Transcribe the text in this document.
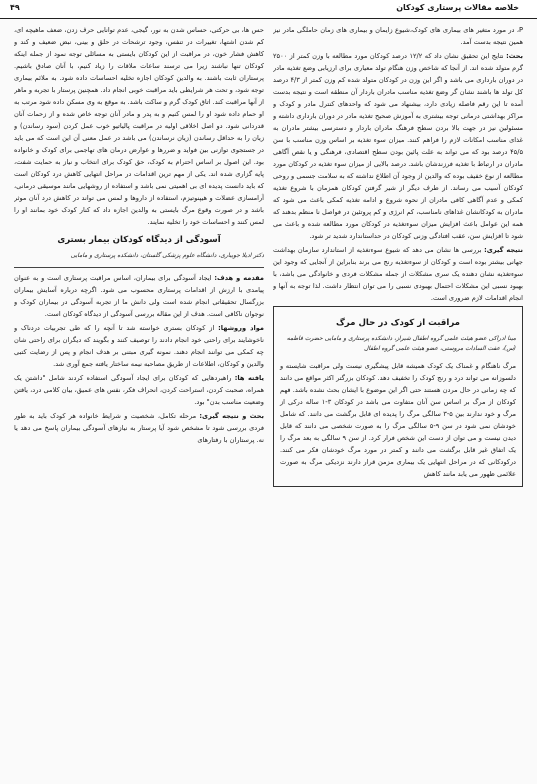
خلاصه مقالات پرستاری کودکان
۴۹

P، در مورد متغیر های بیماری های کودک،شیوع زایمان و بیماری های زمان حاملگی مادر نیز همین نتیجه بدست آمد.

بحث: نتایج این تحقیق نشان داد که ۱۲/۲ درصد کودکان مورد مطالعه با وزن کمتر از ۲۵۰۰ گرم متولد شده اند. از آنجا که شاخص وزن هنگام تولد معیاری برای ارزیابی وضع تغذیه مادر در دوران بارداری می باشد و اگر این وزن در کودکان متولد شده کم وزن کمتر از ۴/۳ درصد کل تولد ها باشند نشان گر وضع تغذیه مناسب مادران باردار آن منطقه است و نتیجه بدست آمده تا این رقم فاصله زیادی دارد، بیشنهاد می شود که واحدهای کنترل مادر و کودک و مراکز بهداشتی درمانی توجه بیشتری به آموزش صحیح تغذیه مادر در دوران بارداری داشته و مسئولین نیز در جهت بالا بردن سطح فرهنگ مادران باردار و دسترسی بیشتر مادران به غذای مناسب امکانات لازم را فراهم کنند. میزان سوء تغذیه بر اساس وزن مناسب با سن ۴۵/۵ درصد بود که می تواند به علت پائین بودن سطح اقتصادی، فرهنگی و یا نقص آگاهی مادران در ارتباط با تغذیه فرزندشان باشد. درصد بالایی از میزان سوء تغذیه در کودکان مورد مطالعه از نوع خفیف بوده که والدین از وجود آن اطلاع نداشته که به سلامت جسمی و روحی کودکان آسیب می رساند. از طرف دیگر از شیر گرفتن کودکان همزمان با شروع تغذیه کمکی و عدم آگاهی کافی مادران از نحوه شروع و ادامه تغذیه کمکی باعث می شود که مادران به کودکانشان غذاهای نامناسب، کم انرژی و کم پروتئین در فواصل نا منظم بدهند که همه این عوامل باعث افزایش میزان سوءتغذیه در کودکان مورد مطالعه شده و باعث می شود تا افزایش سن، عقب افتادگی وزنی کودکان در حداستاندارد شدید تر شود.

نتیجه گیری: بررسی ها نشان می دهد که شیوع سوءتغذیه از استاندارد سازمان بهداشت جهانی بیشتر بوده است و کودکان از سوءتغذیه رنج می برند بنابراین از آنجایی که وجود این سوءتغذیه نشان دهنده یک سری مشکلات از جمله مشکلات فردی و خانوادگی می باشد، با بهبود نسبی این مشکلات احتمال بهبودی نسبی را می توان انتظار داشت. لذا توجه به آنها و انجام اقدامات لازم ضروری است.

مراقبت از کودک در حال مرگ
مینا ادراکی عضو هیئت علمی گروه اطفال شیراز، دانشکده پرستاری و مامایی حضرت فاطمه (س)، عفت السادات مروستی، عضو هیئت علمی گروه اطفال

مرگ ناهنگام و غمناک یک کودک همیشه قابل پیشگیری نیست ولی مراقبت شایسته و دلسوزانه می تواند درد و رنج کودک را تخفیف دهد. کودکان بزرگتر اکثر مواقع می دانند که چه زمانی در حال مردن هستند حتی اگر این موضوع با ایشان بحث نشده باشد. فهم کودکان از مرگ بر اساس سن آنان متفاوت می باشد در کودکان ۳-۱ ساله درکی از مرگ و خود ندارند بین ۵-۳ سالگی مرگ را پدیده ای قابل برگشت می دانند. که شامل خودشان نمی شود در سن ۹-۵ سالگی مرگ را به صورت شخصی می دانند که قابل دیدن نیست و می توان از دست این شخص فرار کرد. از سن ۹ سالگی به بعد مرگ را یک اتفاق غیر قابل برگشت می دانند و کمتر در مورد مرگ خودشان فکر می کنند. درکودکانی که در مراحل انتهایی یک بیماری مزمن قرار دارند نزدیکی مرگ به صورت علائمی ظهور می یابد مانند کاهش

حس ها، بی حرکتی، حساس شدن به نور، گیجی، عدم توانایی حرف زدن، ضعف ماهیچه ای، کم شدن اشتها، تغییرات در تنفس، وجود ترشحات در حلق و بینی، نبض ضعیف و کند و کاهش فشار خون، در مراقبت از این کودکان بایستی به مسائلی توجه نمود از جمله اینکه کودکان تنها نباشند زیرا می ترسند ساعات ملاقات را زیاد کنیم، با آنان صادق باشیم. پرستاران ثابت باشند. به والدین کودکان اجازه تخلیه احساسات داده شود. به ملائم بیماری توجه شود، و تحت هر شرایطی باید مراقبت خوبی انجام داد. همچنین پرستار با تجربه و ماهر از آنها مراقبت کند. اتاق کودک گرم و ساکت باشد. به موقع به وی مسکن داده شود مرتب به او حمام داده شود او را لمس کنیم و به پدر و مادر آنان توجه خاص شده و از زحمات آنان قدردانی شود. دو اصل اخلاقی اولیه در مراقبت پالیاتیو خوب عمل کردن (سود رساندن) و زیان را به حداقل رساندن (زیان نرساندن) می باشد در عمل معنی آن این است که می باید در جستجوی توازنی بین فواید و ضررها و عوارض درمان های تهاجمی برای کودک و خانواده بود. این اصول بر اساس احترام به کودک، حق کودک برای انتخاب و نیاز به حمایت شفت، پایه گزاری شده اند. یکی از مهم ترین اقدامات در مراحل انتهایی کاهش درد کودکان است که باید دانست پدیده ای بی اهمیتی نمی باشد و استفاده از روشهایی مانند موسیقی درمانی، آرامسازی عضلات و هیپنوتیزم، استفاده از داروها و لمس می تواند در کاهش درد آنان موثر باشد و در صورت وقوع مرگ بایستی به والدین اجازه داد که کنار کودک خود بمانند او را لمس کنند و احساسات خود را تخلیه نمایند.

آسودگی از دیدگاه کودکان بیمار بستری
دکتر ادیلا جویباری، دانشگاه علوم پزشکی گلستان، دانشکده پرستاری و مامایی

مقدمه و هدف: ایجاد آسودگی برای بیماران، اساس مراقبت پرستاری است و به عنوان پیامدی با ارزش از اقدامات پرستاری محسوب می شود. اگرچه درباره آسایش بیماران بزرگسال تحقیقاتی انجام شده است ولی دانش ما از تجربه آسودگی در بیماران کودک و نوجوان ناکافی است. هدف از این مقاله بررسی آسودگی از دیدگاه کودکان است.

مواد وروشها: از کودکان بستری خواسته شد تا آنچه را که طی تجربیات دردناک و ناخوشایند برای راحتی خود انجام دادند را توصیف کنند و بگویند که دیگران برای راحتی شان چه کمکی می توانند انجام دهند. نمونه گیری مبتنی بر هدف انجام و پس از رضایت کتبی والدین و کودکان، اطلاعات از طریق مصاحبه نیمه ساختار یافته جمع آوری شد.

یافته ها: راهبردهایی که کودکان برای ایجاد آسودگی استفاده کردند شامل "داشتن یک همراه، صحبت کردن، استراحت کردن، انحراف فکر، نفس های عمیق، بیان کلامی درد، یافتن وضعیت مناسب بدن" بود.

بحث و نتیجه گیری: مرحله تکامل، شخصیت و شرایط خانواده هر کودک باید به طور فردی بررسی شود تا مشخص شود آیا پرستار به نیازهای آسودگی بیماران پاسخ می دهد یا نه. پرستاران با رفتارهای
